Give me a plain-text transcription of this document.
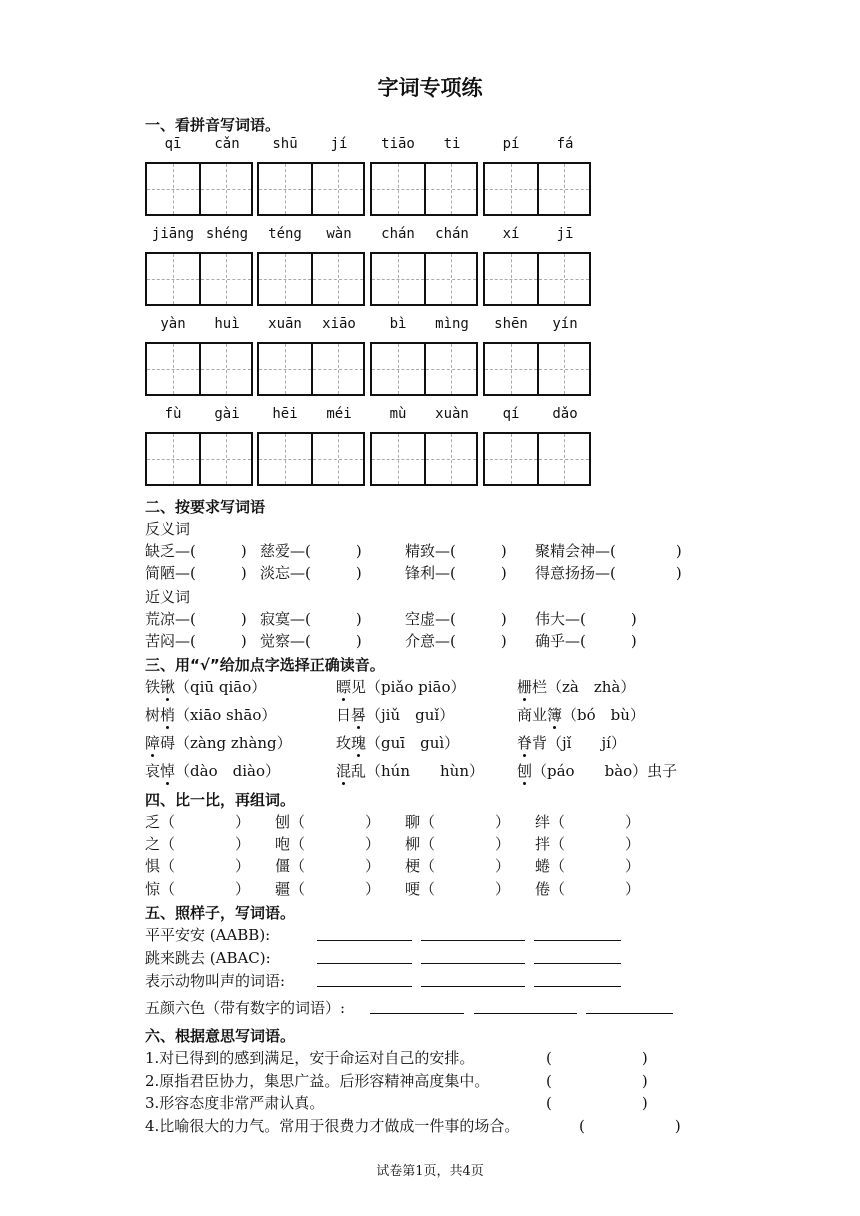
字词专项练
一、看拼音写词语。
qī	cǎn	shū	jí	tiāo	ti	pí	fá
jiāng shéng	téng	wàn	chán	chán	xí	jī
yàn	huì	xuān	xiāo	bì	mìng	shēn	yín
fù	gài	hēi	méi	mù	xuàn	qí	dǎo
二、按要求写词语
反义词
缺乏—(　　　) 慈爱—(　　　)	精致—(　　　) 聚精会神—(　　　　)
简陋—(　　　) 淡忘—(　　　)	锋利—(　　　) 得意扬扬—(　　　　)
近义词
荒凉—(　　　) 寂寞—(　　　)	空虚—(　　　) 伟大—(　　　)
苦闷—(　　　) 觉察—(　　　)	介意—(　　　) 确乎—(　　　)
三、用“√”给加点字选择正确读音。
铁锹（qiū qiāo）	瞟见（piǎo piāo）	栅栏（zà　zhà）
树梢（xiāo shāo）	日晷（jiǔ　guǐ）	商业簿（bó　bù）
障碍（zàng zhàng）	玫瑰（guī　guì）	脊背（jǐ　　jí）
哀悼（dào　diào）	混乱（hún　　hùn） 刨（páo　　bào）虫子
四、比一比，再组词。
乏（　　　　） 刨（　　　　） 聊（　　　　） 绊（　　　　）
之（　　　　） 咆（　　　　） 柳（　　　　） 拌（　　　　）
惧（　　　　） 僵（　　　　） 梗（　　　　） 蜷（　　　　）
惊（　　　　） 疆（　　　　） 哽（　　　　） 倦（　　　　）
五、照样子，写词语。
平平安安 (AABB):
跳来跳去 (ABAC):
表示动物叫声的词语:
五颜六色（带有数字的词语）:
六、根据意思写词语。
1.对已得到的感到满足，安于命运对自己的安排。	(　　　　　　)
2.原指君臣协力，集思广益。后形容精神高度集中。	(　　　　　　)
3.形容态度非常严肃认真。	(　　　　　　)
4.比喻很大的力气。常用于很费力才做成一件事的场合。	(　　　　　　)
试卷第1页，共4页
